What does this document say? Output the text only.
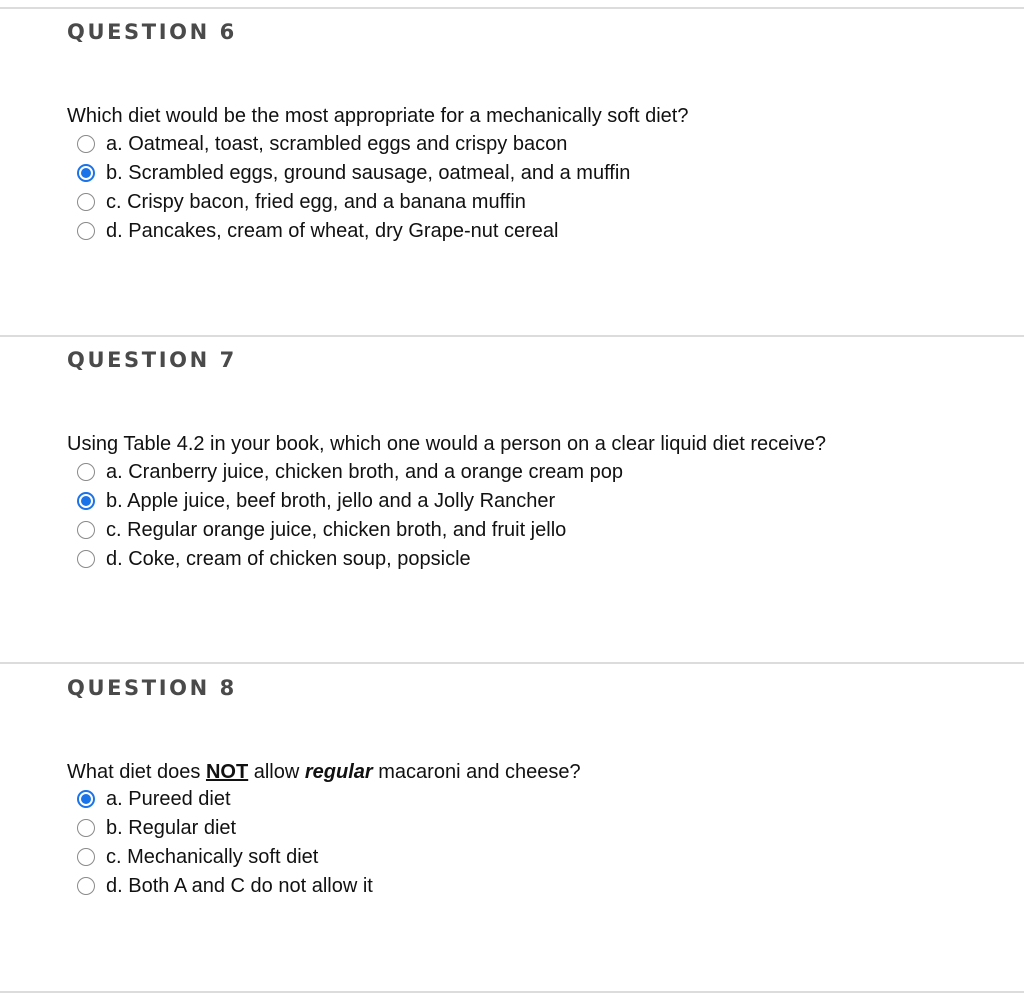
QUESTION 6
Which diet would be the most appropriate for a mechanically soft diet?
a. Oatmeal, toast, scrambled eggs and crispy bacon
b. Scrambled eggs, ground sausage, oatmeal, and a muffin
c. Crispy bacon, fried egg, and a banana muffin
d. Pancakes, cream of wheat, dry Grape-nut cereal
QUESTION 7
Using Table 4.2 in your book, which one would a person on a clear liquid diet receive?
a. Cranberry juice, chicken broth, and a orange cream pop
b. Apple juice, beef broth, jello and a Jolly Rancher
c. Regular orange juice, chicken broth, and fruit jello
d. Coke, cream of chicken soup, popsicle
QUESTION 8
What diet does NOT allow regular macaroni and cheese?
a. Pureed diet
b. Regular diet
c. Mechanically soft diet
d. Both A and C do not allow it
